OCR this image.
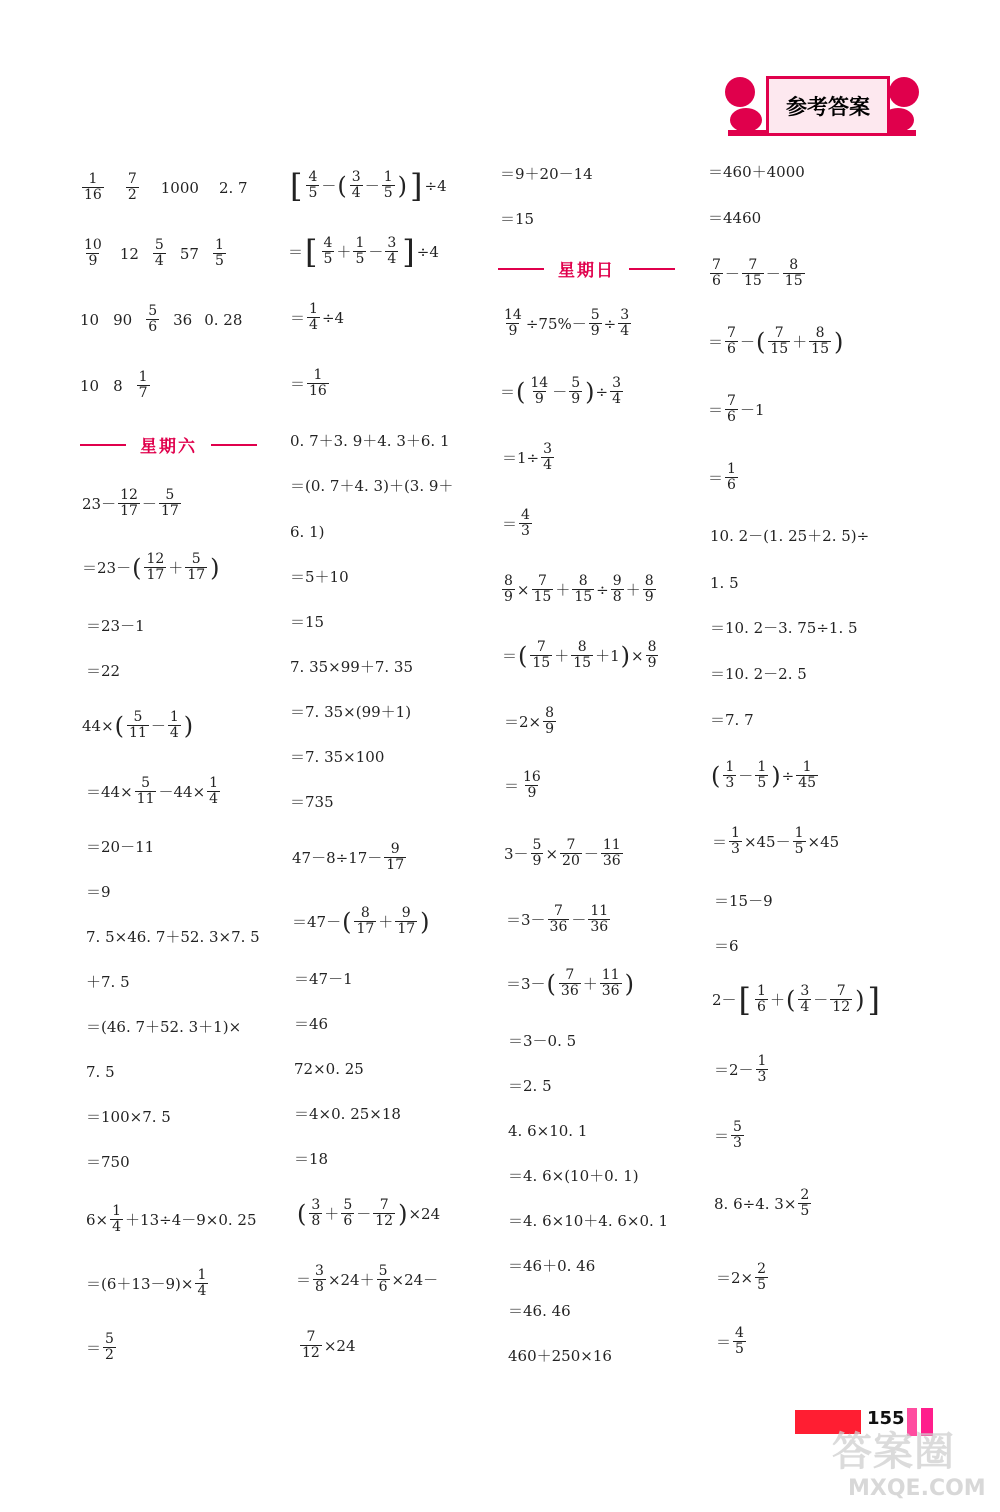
参考答案
1
16
7
2 1000 2. 7
10
9 12 5
4 57 1
5
10 90 5
6 36 0. 28
10 8 1
7
星期六
23－ 12
17 － 5
17
＝23－ ( 12
17 ＋ 5
17 )
＝23－1
＝22
44× ( 5
11 － 1
4 )
$=44\times \frac{5}{11} -44\times \frac{1}{4}$
＝20－11
＝9
7. 5×46. 7＋52. 3×7. 5
＋7. 5
＝(46. 7＋52. 3＋1)×
7. 5
＝100×7. 5
＝750
$6\times \frac{1}{4} +13\div 4-9\times 0$. 25
$=(6+13-9)\times \frac{1}{4}$
＝ 5
2
[ 4
5 － ( 3
4 － 1
5 ) ] ÷4
＝ [ 4
5 ＋ 1
5 － 3
4 ] ÷4
＝ $\frac{1}{4} \div 4$
＝ 1
16
0. 7＋3. 9＋4. 3＋6. 1
＝(0. 7＋4. 3)＋(3. 9＋
6. 1)
＝5＋10
＝15
7. 35×99＋7. 35
＝7. 35×(99＋1)
＝7. 35×100
＝735
47－8÷17－ 9
17
＝47－ ( 8
17 ＋ 9
17 )
＝47－1
＝46
72×0. 25
＝4×0. 25×18
＝18
( 3
8 ＋ 5
6 － 7
12 ) ×24
＝ $\frac{3}{8} \times 24+ \frac{5}{6} \times 24-$
$\frac{7}{12} \times 24$
＝9＋20－14
＝15
星期日
$\frac{14}{9} \div 75\%- \frac{5}{9} \div \frac{3}{4}$
＝ ( 14
9 － 5
9 ) ÷ $\frac{3}{4}$
$=1\div \frac{3}{4}$
＝ 4
3
$\frac{8}{9} \times \frac{7}{15} + \frac{8}{15} \div \frac{9}{8} + 8$
9
＝ ( 7
15 ＋ 8
15 ＋1 ) × $\frac{8}{9}$
$=2\times \frac{8}{9}$
＝ 16
9
$3- \frac{5}{9} \times \frac{7}{20} - 11$
36
＝3－ 7
36 － 11
36
＝3－ ( 7
36 ＋ 11
36 )
＝3－0. 5
＝2. 5
4. 6×10. 1
＝4. 6×(10＋0. 1)
＝4. 6×10＋4. 6×0. 1
＝46＋0. 46
＝46. 46
460＋250×16
＝460＋4000
＝4460
7
6 － 7
15 － 8
15
＝ 7
6 － ( 7
15 ＋ 8
15 )
＝ 7
6 －1
＝ 1
6
10. 2－(1. 25＋2. 5)÷
1. 5
＝10. 2－3. 75÷1. 5
＝10. 2－2. 5
＝7. 7
( 1
3 － 1
5 ) ÷ $\frac{1}{45}$
＝ $\frac{1}{3} \times 45- \frac{1}{5} \times 45$
＝15－9
＝6
2－ [ 1
6 ＋ ( 3
4 － 7
12 ) ]
＝2－ 1
3
＝ 5
3
8. 6÷4. $3\times \frac{2}{5}$
$=2\times \frac{2}{5}$
＝ 4
5
155
答案圈
MXQE.COM
